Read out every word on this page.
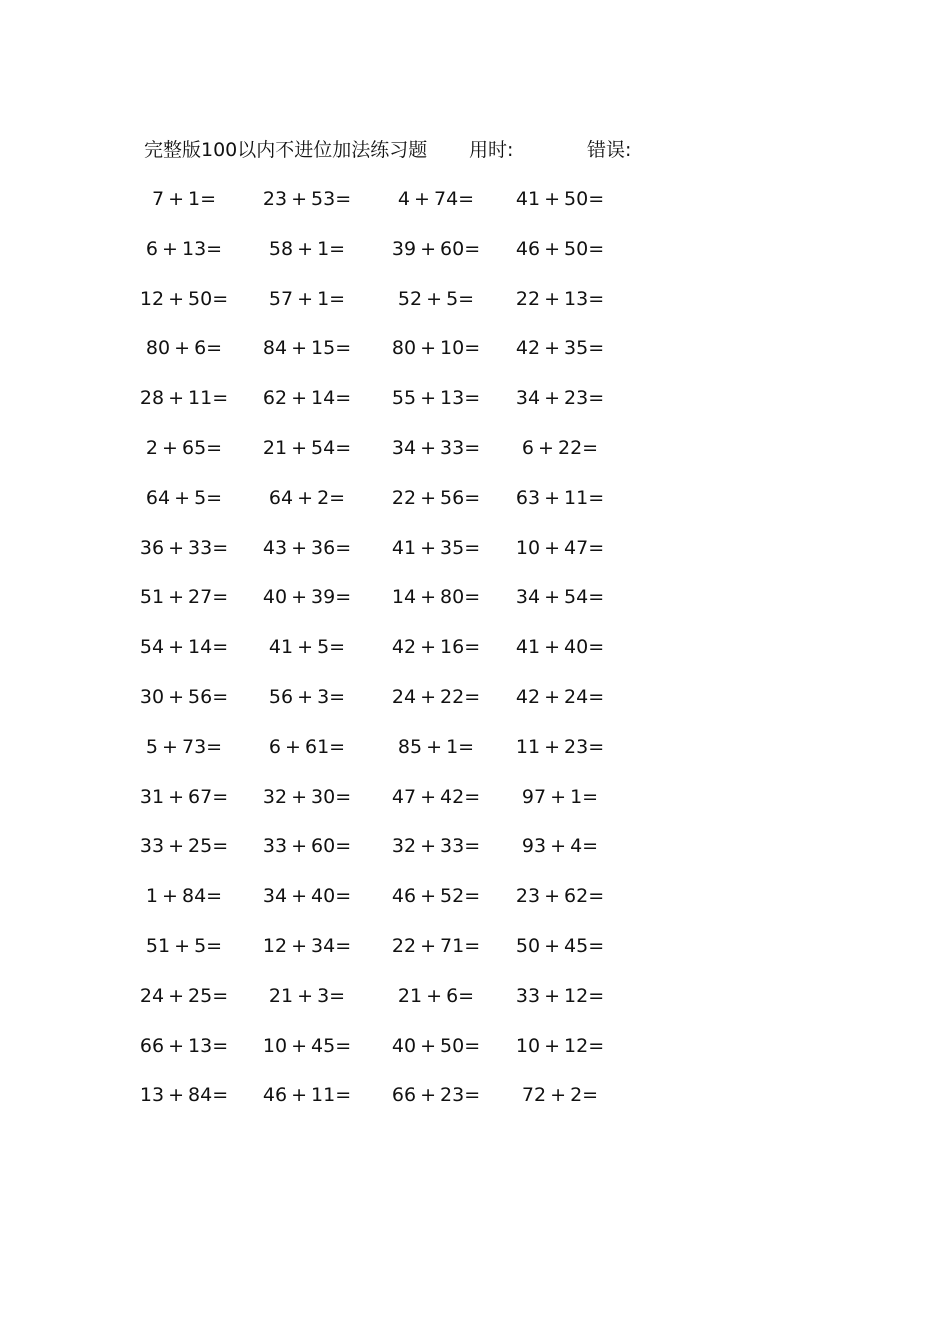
完整版100以内不进位加法练习题 用时:	错误:
7 + 1= 23 + 53= 4 + 74= 41 + 50=
6 + 13= 58 + 1= 39 + 60= 46 + 50=
12 + 50= 57 + 1=	52 + 5= 22 + 13=
80 + 6= 84 + 15= 80 + 10= 42 + 35=
28 + 11= 62 + 14= 55 + 13= 34 + 23=
2 + 65= 21 + 54= 34 + 33= 6 + 22=
64 + 5= 64 + 2= 22 + 56= 63 + 11=
36 + 33= 43 + 36= 41 + 35= 10 + 47=
51 + 27= 40 + 39= 14 + 80= 34 + 54=
54 + 14= 41 + 5= 42 + 16= 41 + 40=
30 + 56= 56 + 3= 24 + 22= 42 + 24=
5 + 73= 6 + 61=	85 + 1= 11 + 23=
31 + 67= 32 + 30= 47 + 42= 97 + 1=
33 + 25= 33 + 60= 32 + 33= 93 + 4=
1 + 84= 34 + 40= 46 + 52= 23 + 62=
51 + 5= 12 + 34= 22 + 71= 50 + 45=
24 + 25= 21 + 3=	21 + 6= 33 + 12=
66 + 13= 10 + 45= 40 + 50= 10 + 12=
13 + 84= 46 + 11= 66 + 23= 72 + 2=
